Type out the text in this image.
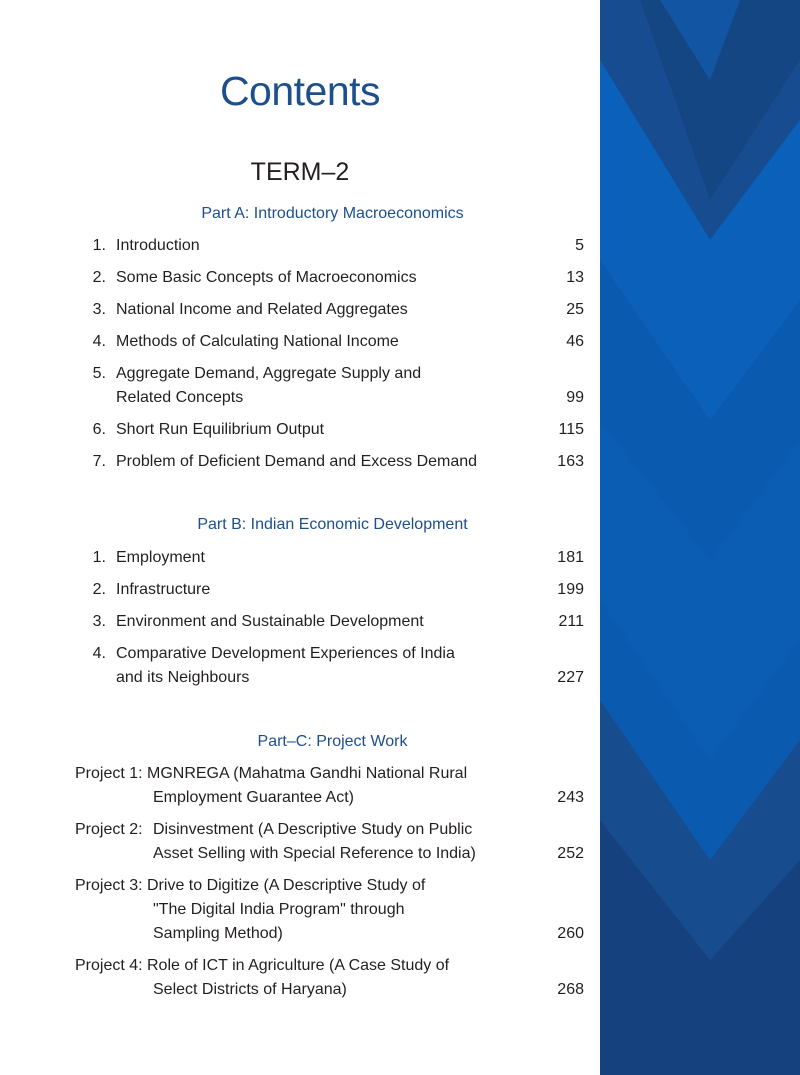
Contents
TERM–2
Part A: Introductory Macroeconomics
1. Introduction	5
2. Some Basic Concepts of Macroeconomics	13
3. National Income and Related Aggregates	25
4. Methods of Calculating National Income	46
5. Aggregate Demand, Aggregate Supply and
Related Concepts	99
6. Short Run Equilibrium Output	115
7. Problem of Deficient Demand and Excess Demand	163
Part B: Indian Economic Development
1. Employment	181
2. Infrastructure	199
3. Environment and Sustainable Development	211
4. Comparative Development Experiences of India
and its Neighbours	227
Part–C: Project Work
Project 1: MGNREGA (Mahatma Gandhi National Rural
Employment Guarantee Act)	243
Project 2: Disinvestment (A Descriptive Study on Public
Asset Selling with Special Reference to India)	252
Project 3: Drive to Digitize (A Descriptive Study of
"The Digital India Program" through
Sampling Method)	260
Project 4: Role of ICT in Agriculture (A Case Study of
Select Districts of Haryana)	268
